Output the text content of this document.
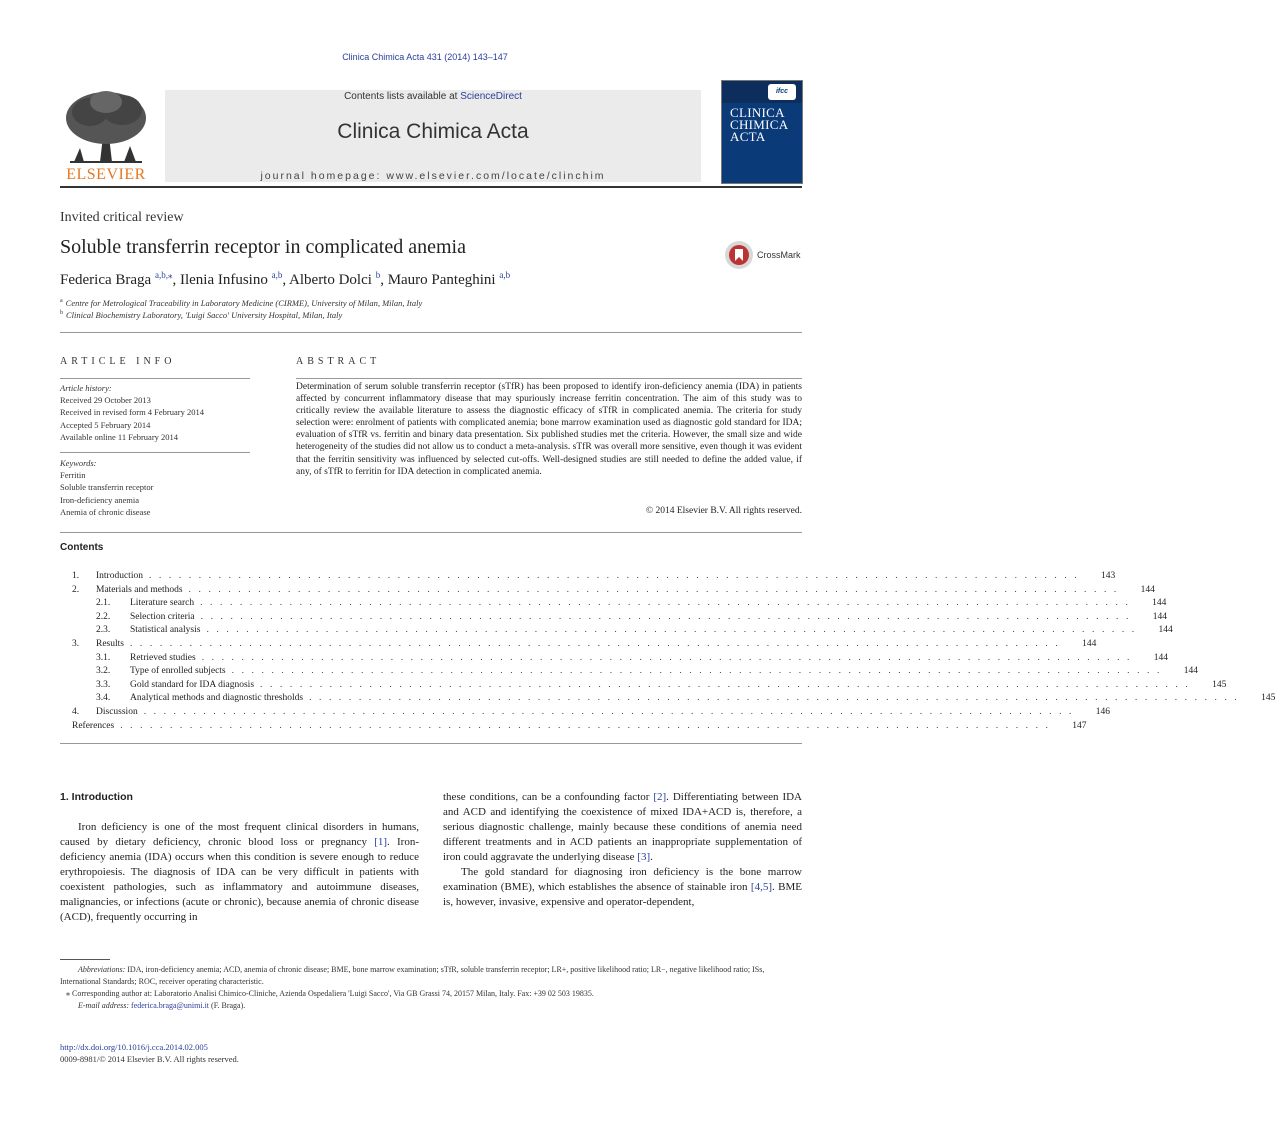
Clinica Chimica Acta 431 (2014) 143–147
ELSEVIER
Contents lists available at ScienceDirect
Clinica Chimica Acta
journal homepage: www.elsevier.com/locate/clinchim
ifcc
CLINICA
CHIMICA
ACTA
Invited critical review
Soluble transferrin receptor in complicated anemia	CrossMark
Federica Braga $^{a,b,⁎}$, Ilenia Infusino $^{a,b}$, Alberto Dolci $^b$, Mauro Panteghini $^{a,b}$
$^a$ Centre for Metrological Traceability in Laboratory Medicine (CIRME), University of Milan, Milan, Italy
$^b$ Clinical Biochemistry Laboratory, 'Luigi Sacco' University Hospital, Milan, Italy
ARTICLE INFO
Article history:
Received 29 October 2013
Received in revised form 4 February 2014
Accepted 5 February 2014
Available online 11 February 2014
Keywords:
Ferritin
Soluble transferrin receptor
Iron-deficiency anemia
Anemia of chronic disease
ABSTRACT
Determination of serum soluble transferrin receptor (sTfR) has been proposed to identify iron-deficiency anemia (IDA) in patients affected by concurrent inflammatory disease that may spuriously increase ferritin concentration. The aim of this study was to critically review the available literature to assess the diagnostic efficacy of sTfR in complicated anemia. The criteria for study selection were: enrolment of patients with complicated anemia; bone marrow examination used as diagnostic gold standard for IDA; evaluation of sTfR vs. ferritin and binary data presentation. Six published studies met the criteria. However, the small size and wide heterogeneity of the studies did not allow us to conduct a meta-analysis. sTfR was overall more sensitive, even though it was evident that the ferritin sensitivity was influenced by selected cut-offs. Well-designed studies are still needed to define the added value, if any, of sTfR to ferritin for IDA detection in complicated anemia.
© 2014 Elsevier B.V. All rights reserved.
Contents
1.	Introduction . . . . . . . . . . . . . . . . . . . . . . . . . . . . . . . . . . . . . . . . . . . . . . . . . . . . . . . . . . . . . . . . . . . . . . . . . . . . . . . . . . . . . . . . . . . . . .	143
2.	Materials and methods . . . . . . . . . . . . . . . . . . . . . . . . . . . . . . . . . . . . . . . . . . . . . . . . . . . . . . . . . . . . . . . . . . . . . . . . . . . . . . . . . . . . . . . . . . . . . .	144
2.1.	Literature search . . . . . . . . . . . . . . . . . . . . . . . . . . . . . . . . . . . . . . . . . . . . . . . . . . . . . . . . . . . . . . . . . . . . . . . . . . . . . . . . . . . . . . . . . . . . . .	144
2.2.	Selection criteria . . . . . . . . . . . . . . . . . . . . . . . . . . . . . . . . . . . . . . . . . . . . . . . . . . . . . . . . . . . . . . . . . . . . . . . . . . . . . . . . . . . . . . . . . . . . . .	144
2.3.	Statistical analysis . . . . . . . . . . . . . . . . . . . . . . . . . . . . . . . . . . . . . . . . . . . . . . . . . . . . . . . . . . . . . . . . . . . . . . . . . . . . . . . . . . . . . . . . . . . . . .	144
3.	Results . . . . . . . . . . . . . . . . . . . . . . . . . . . . . . . . . . . . . . . . . . . . . . . . . . . . . . . . . . . . . . . . . . . . . . . . . . . . . . . . . . . . . . . . . . . . . .	144
3.1.	Retrieved studies . . . . . . . . . . . . . . . . . . . . . . . . . . . . . . . . . . . . . . . . . . . . . . . . . . . . . . . . . . . . . . . . . . . . . . . . . . . . . . . . . . . . . . . . . . . . . .	144
3.2.	Type of enrolled subjects . . . . . . . . . . . . . . . . . . . . . . . . . . . . . . . . . . . . . . . . . . . . . . . . . . . . . . . . . . . . . . . . . . . . . . . . . . . . . . . . . . . . . . . . . . . . . .	144
3.3.	Gold standard for IDA diagnosis . . . . . . . . . . . . . . . . . . . . . . . . . . . . . . . . . . . . . . . . . . . . . . . . . . . . . . . . . . . . . . . . . . . . . . . . . . . . . . . . . . . . . . . . . . . . . .	145
3.4.	Analytical methods and diagnostic thresholds . . . . . . . . . . . . . . . . . . . . . . . . . . . . . . . . . . . . . . . . . . . . . . . . . . . . . . . . . . . . . . . . . . . . . . . . . . . . . . . . . . . . . . . . . . . . . .	145
4.	Discussion . . . . . . . . . . . . . . . . . . . . . . . . . . . . . . . . . . . . . . . . . . . . . . . . . . . . . . . . . . . . . . . . . . . . . . . . . . . . . . . . . . . . . . . . . . . . . .	146
References . . . . . . . . . . . . . . . . . . . . . . . . . . . . . . . . . . . . . . . . . . . . . . . . . . . . . . . . . . . . . . . . . . . . . . . . . . . . . . . . . . . . . . . . . . . . . .	147
1. Introduction

Iron deficiency is one of the most frequent clinical disorders in humans, caused by dietary deficiency, chronic blood loss or pregnancy [1]. Iron-deficiency anemia (IDA) occurs when this condition is severe enough to reduce erythropoiesis. The diagnosis of IDA can be very difficult in patients with coexistent pathologies, such as inflammatory and autoimmune diseases, malignancies, or infections (acute or chronic), because anemia of chronic disease (ACD), frequently occurring in

these conditions, can be a confounding factor [2]. Differentiating between IDA and ACD and identifying the coexistence of mixed IDA+ACD is, therefore, a serious diagnostic challenge, mainly because these conditions of anemia need different treatments and in ACD patients an inappropriate supplementation of iron could aggravate the underlying disease [3].

The gold standard for diagnosing iron deficiency is the bone marrow examination (BME), which establishes the absence of stainable iron [4,5]. BME is, however, invasive, expensive and operator-dependent,

Abbreviations: IDA, iron-deficiency anemia; ACD, anemia of chronic disease; BME, bone marrow examination; sTfR, soluble transferrin receptor; LR+, positive likelihood ratio; LR−, negative likelihood ratio; ISs, International Standards; ROC, receiver operating characteristic.
⁎ Corresponding author at: Laboratorio Analisi Chimico-Cliniche, Azienda Ospedaliera 'Luigi Sacco', Via GB Grassi 74, 20157 Milan, Italy. Fax: +39 02 503 19835.
E-mail address: federica.braga@unimi.it (F. Braga).
http://dx.doi.org/10.1016/j.cca.2014.02.005
0009-8981/© 2014 Elsevier B.V. All rights reserved.
